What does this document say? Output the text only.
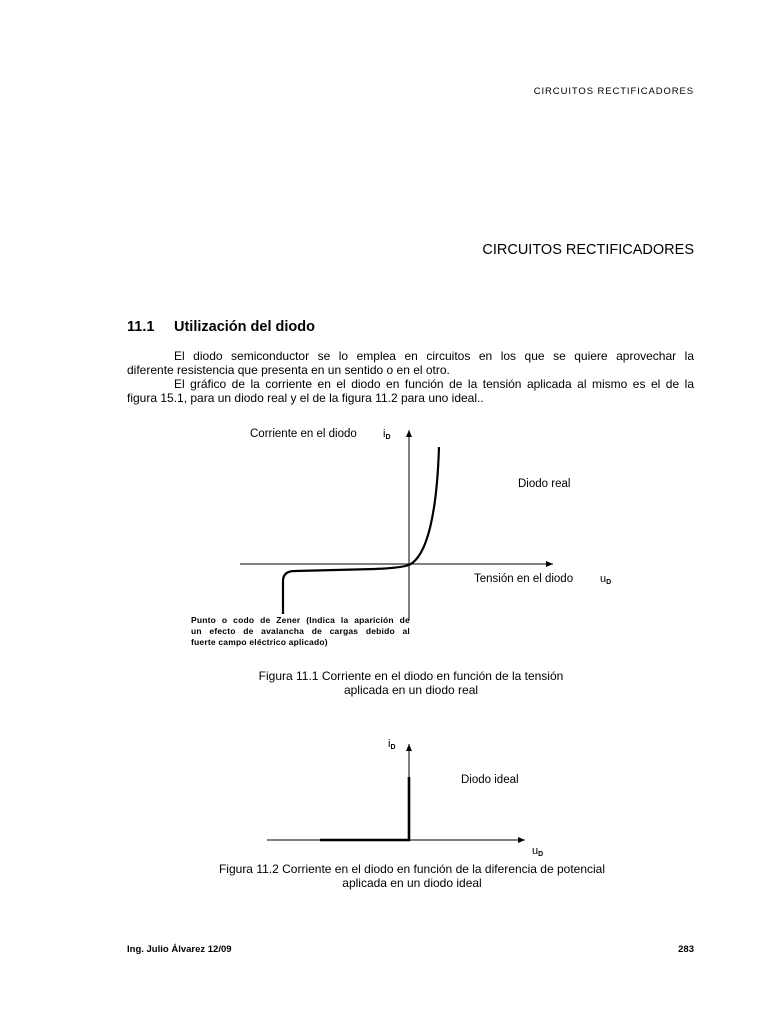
CIRCUITOS RECTIFICADORES
CIRCUITOS RECTIFICADORES
11.1 Utilización del diodo
El diodo semiconductor se lo emplea en circuitos en los que se quiere aprovechar la
diferente resistencia que presenta en un sentido o en el otro.
El gráfico de la corriente en el diodo en función de la tensión aplicada al mismo es el de la
figura 15.1, para un diodo real y el de la figura 11.2 para uno ideal..
Corriente en el diodo $i_D$
Diodo real
Tensión en el diodo $u_D$
Punto o codo de Zener (Indica la aparición de
un efecto de avalancha de cargas debido al
fuerte campo eléctrico aplicado)
Figura 11.1 Corriente en el diodo en función de la tensión
aplicada en un diodo real
$i_D$
Diodo ideal
$u_D$
Figura 11.2 Corriente en el diodo en función de la diferencia de potencial
aplicada en un diodo ideal
Ing. Julio Álvarez 12/09	283
